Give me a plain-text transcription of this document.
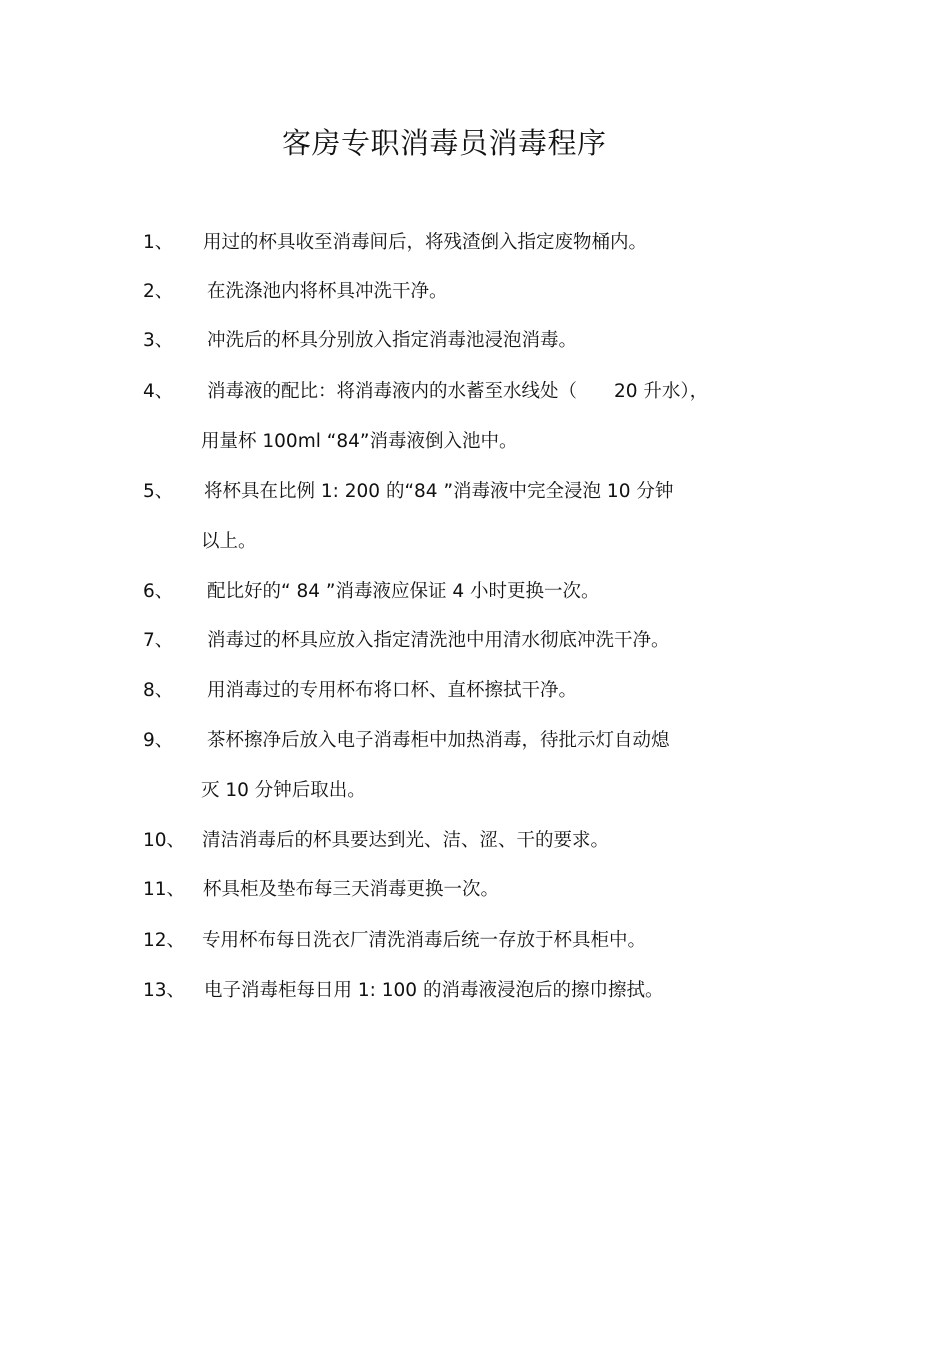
客房专职消毒员消毒程序
1、 用过的杯具收至消毒间后，将残渣倒入指定废物桶内。
2、 在洗涤池内将杯具冲洗干净。
3、 冲洗后的杯具分别放入指定消毒池浸泡消毒。
4、 消毒液的配比：将消毒液内的水蓄至水线处（　　20 升水），
用量杯 100ml “84”消毒液倒入池中。
5、 将杯具在比例 1: 200 的“84 ”消毒液中完全浸泡 10 分钟
以上。
6、 配比好的“ 84 ”消毒液应保证 4 小时更换一次。
7、 消毒过的杯具应放入指定清洗池中用清水彻底冲洗干净。
8、 用消毒过的专用杯布将口杯、直杯擦拭干净。
9、 茶杯擦净后放入电子消毒柜中加热消毒，待批示灯自动熄
灭 10 分钟后取出。
10、 清洁消毒后的杯具要达到光、洁、涩、干的要求。
11、 杯具柜及垫布每三天消毒更换一次。
12、 专用杯布每日洗衣厂清洗消毒后统一存放于杯具柜中。
13、 电子消毒柜每日用 1: 100 的消毒液浸泡后的擦巾擦拭。
